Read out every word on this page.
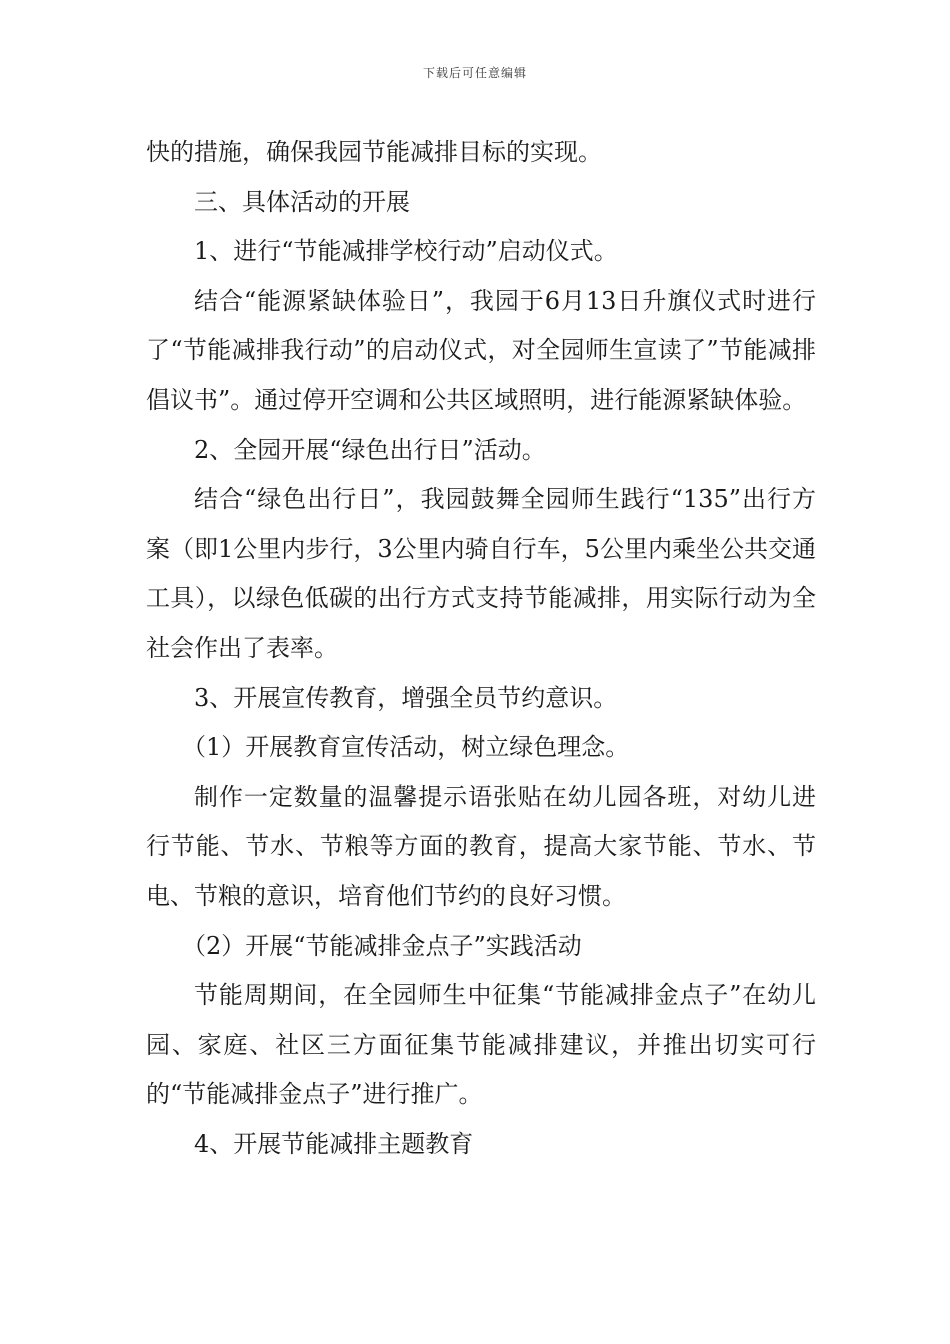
下载后可任意编辑

快的措施，确保我园节能减排目标的实现。

三、具体活动的开展

1、进行“节能减排学校行动”启动仪式。

结合“能源紧缺体验日”，我园于6月13日升旗仪式时进行了“节能减排我行动”的启动仪式，对全园师生宣读了”节能减排倡议书”。通过停开空调和公共区域照明，进行能源紧缺体验。

2、全园开展“绿色出行日”活动。

结合“绿色出行日”，我园鼓舞全园师生践行“135”出行方案（即1公里内步行，3公里内骑自行车，5公里内乘坐公共交通工具），以绿色低碳的出行方式支持节能减排，用实际行动为全社会作出了表率。

3、开展宣传教育，增强全员节约意识。

（1）开展教育宣传活动，树立绿色理念。

制作一定数量的温馨提示语张贴在幼儿园各班，对幼儿进行节能、节水、节粮等方面的教育，提高大家节能、节水、节电、节粮的意识，培育他们节约的良好习惯。

（2）开展“节能减排金点子”实践活动

节能周期间，在全园师生中征集“节能减排金点子”在幼儿园、家庭、社区三方面征集节能减排建议，并推出切实可行的“节能减排金点子”进行推广。

4、开展节能减排主题教育
